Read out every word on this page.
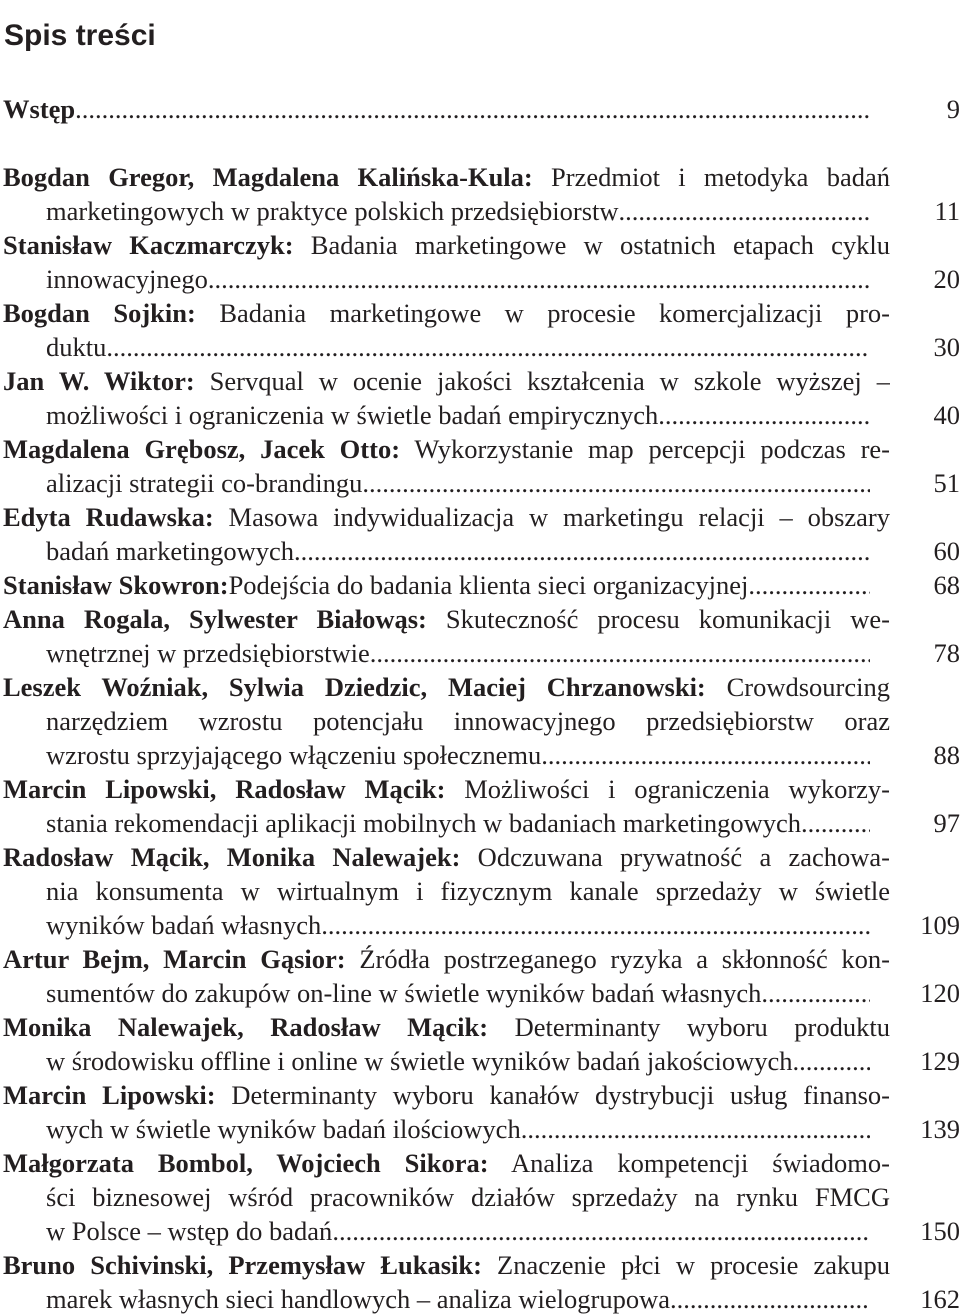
Spis treści
Wstęp .....	9
Bogdan Gregor, Magdalena Kalińska-Kula: Przedmiot i metodyka badań
marketingowych w praktyce polskich przedsiębiorstw .....	11
Stanisław Kaczmarczyk: Badania marketingowe w ostatnich etapach cyklu
innowacyjnego .....	20
Bogdan Sojkin: Badania marketingowe w procesie komercjalizacji pro-
duktu .....	30
Jan W. Wiktor: Servqual w ocenie jakości kształcenia w szkole wyższej –
możliwości i ograniczenia w świetle badań empirycznych .....	40
Magdalena Grębosz, Jacek Otto: Wykorzystanie map percepcji podczas re-
alizacji strategii co-brandingu .....	51
Edyta Rudawska: Masowa indywidualizacja w marketingu relacji – obszary
badań marketingowych .....	60
Stanisław Skowron: Podejścia do badania klienta sieci organizacyjnej .....	68
Anna Rogala, Sylwester Białowąs: Skuteczność procesu komunikacji we-
wnętrznej w przedsiębiorstwie .....	78
Leszek Woźniak, Sylwia Dziedzic, Maciej Chrzanowski: Crowdsourcing
narzędziem wzrostu potencjału innowacyjnego przedsiębiorstw oraz
wzrostu sprzyjającego włączeniu społecznemu .....	88
Marcin Lipowski, Radosław Mącik: Możliwości i ograniczenia wykorzy-
stania rekomendacji aplikacji mobilnych w badaniach marketingowych .....	97
Radosław Mącik, Monika Nalewajek: Odczuwana prywatność a zachowa-
nia konsumenta w wirtualnym i fizycznym kanale sprzedaży w świetle
wyników badań własnych .....	109
Artur Bejm, Marcin Gąsior: Źródła postrzeganego ryzyka a skłonność kon-
sumentów do zakupów on-line w świetle wyników badań własnych .....	120
Monika Nalewajek, Radosław Mącik: Determinanty wyboru produktu
w środowisku offline i online w świetle wyników badań jakościowych .....	129
Marcin Lipowski: Determinanty wyboru kanałów dystrybucji usług finanso-
wych w świetle wyników badań ilościowych .....	139
Małgorzata Bombol, Wojciech Sikora: Analiza kompetencji świadomo-
ści biznesowej wśród pracowników działów sprzedaży na rynku FMCG
w Polsce – wstęp do badań .....	150
Bruno Schivinski, Przemysław Łukasik: Znaczenie płci w procesie zakupu
marek własnych sieci handlowych – analiza wielogrupowa .....	162
